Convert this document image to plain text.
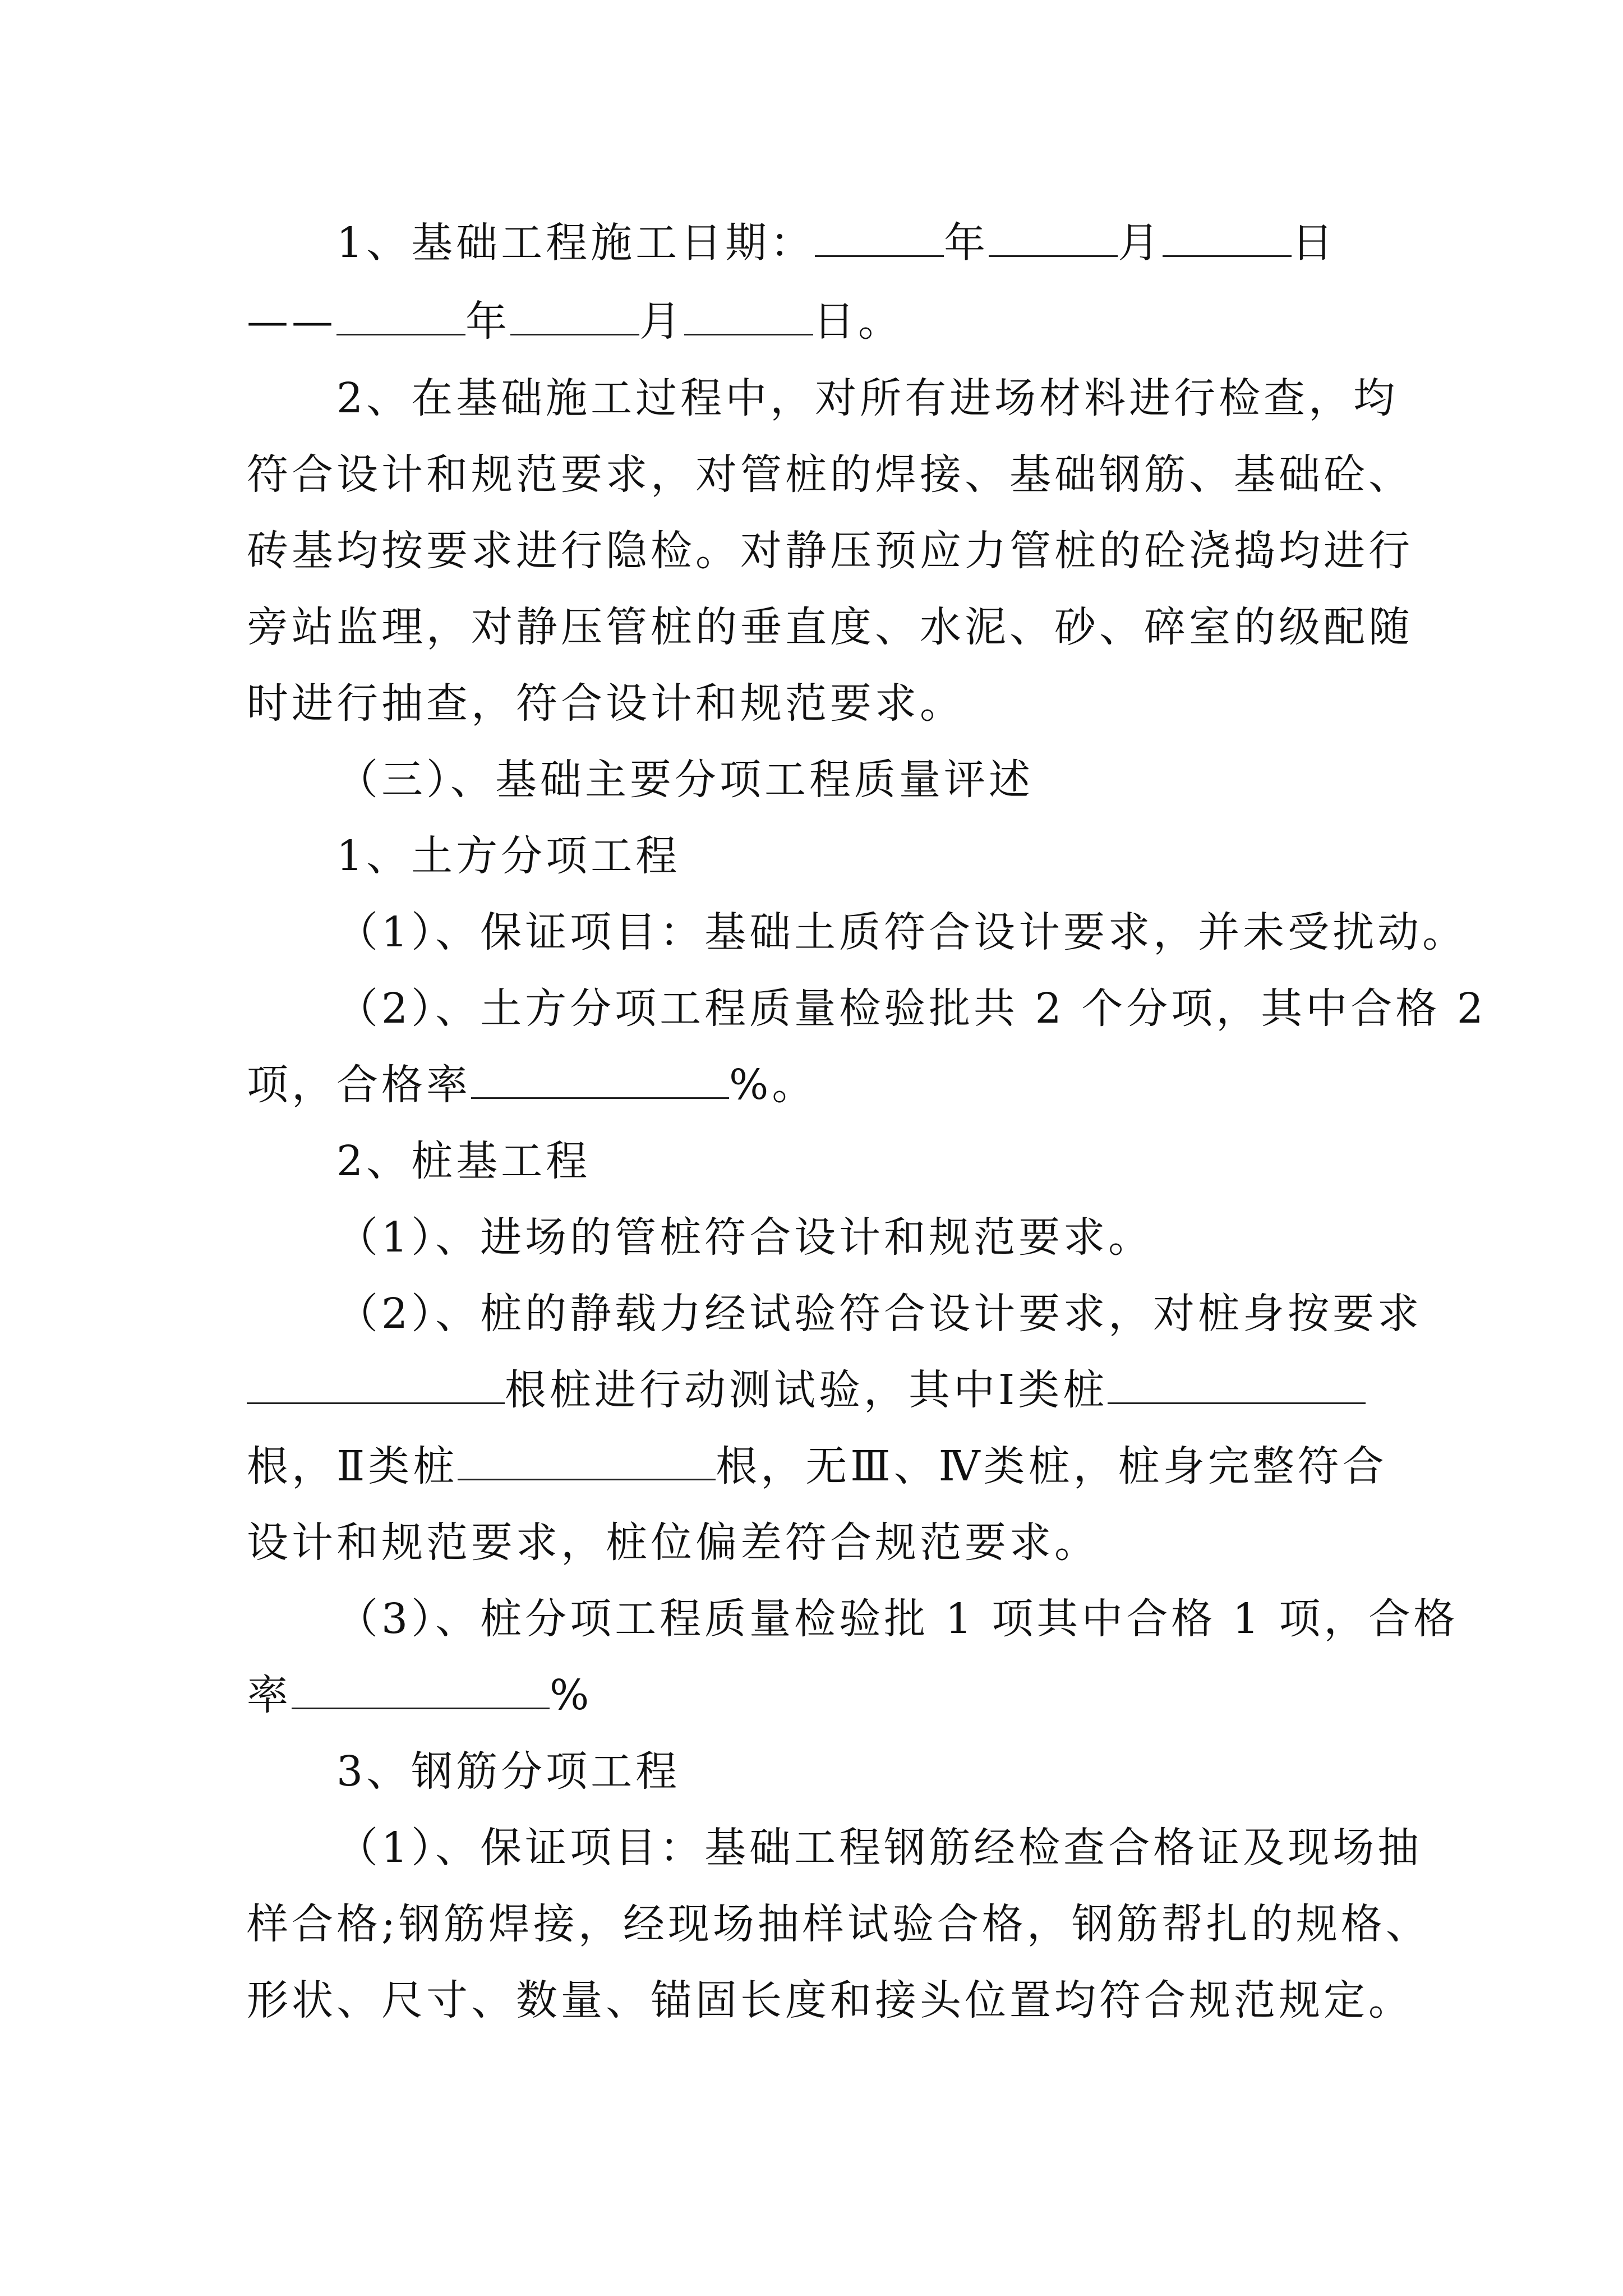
1、基础工程施工日期：	年	月	日
——	年	月	日。
2、在基础施工过程中，对所有进场材料进行检查，均
符合设计和规范要求，对管桩的焊接、基础钢筋、基础砼、
砖基均按要求进行隐检。对静压预应力管桩的砼浇捣均进行
旁站监理，对静压管桩的垂直度、水泥、砂、碎室的级配随
时进行抽查，符合设计和规范要求。
（三）、基础主要分项工程质量评述
1、土方分项工程
（1）、保证项目：基础土质符合设计要求，并未受扰动。
（2）、土方分项工程质量检验批共 2 个分项，其中合格 2
项，合格率	%。
2、桩基工程
（1）、进场的管桩符合设计和规范要求。
（2）、桩的静载力经试验符合设计要求，对桩身按要求
根桩进行动测试验，其中Ⅰ类桩
根，Ⅱ类桩	根，无Ⅲ、Ⅳ类桩，桩身完整符合
设计和规范要求，桩位偏差符合规范要求。
（3）、桩分项工程质量检验批 1 项其中合格 1 项，合格
率	%
3、钢筋分项工程
（1）、保证项目：基础工程钢筋经检查合格证及现场抽
样合格;钢筋焊接，经现场抽样试验合格，钢筋帮扎的规格、
形状、尺寸、数量、锚固长度和接头位置均符合规范规定。
